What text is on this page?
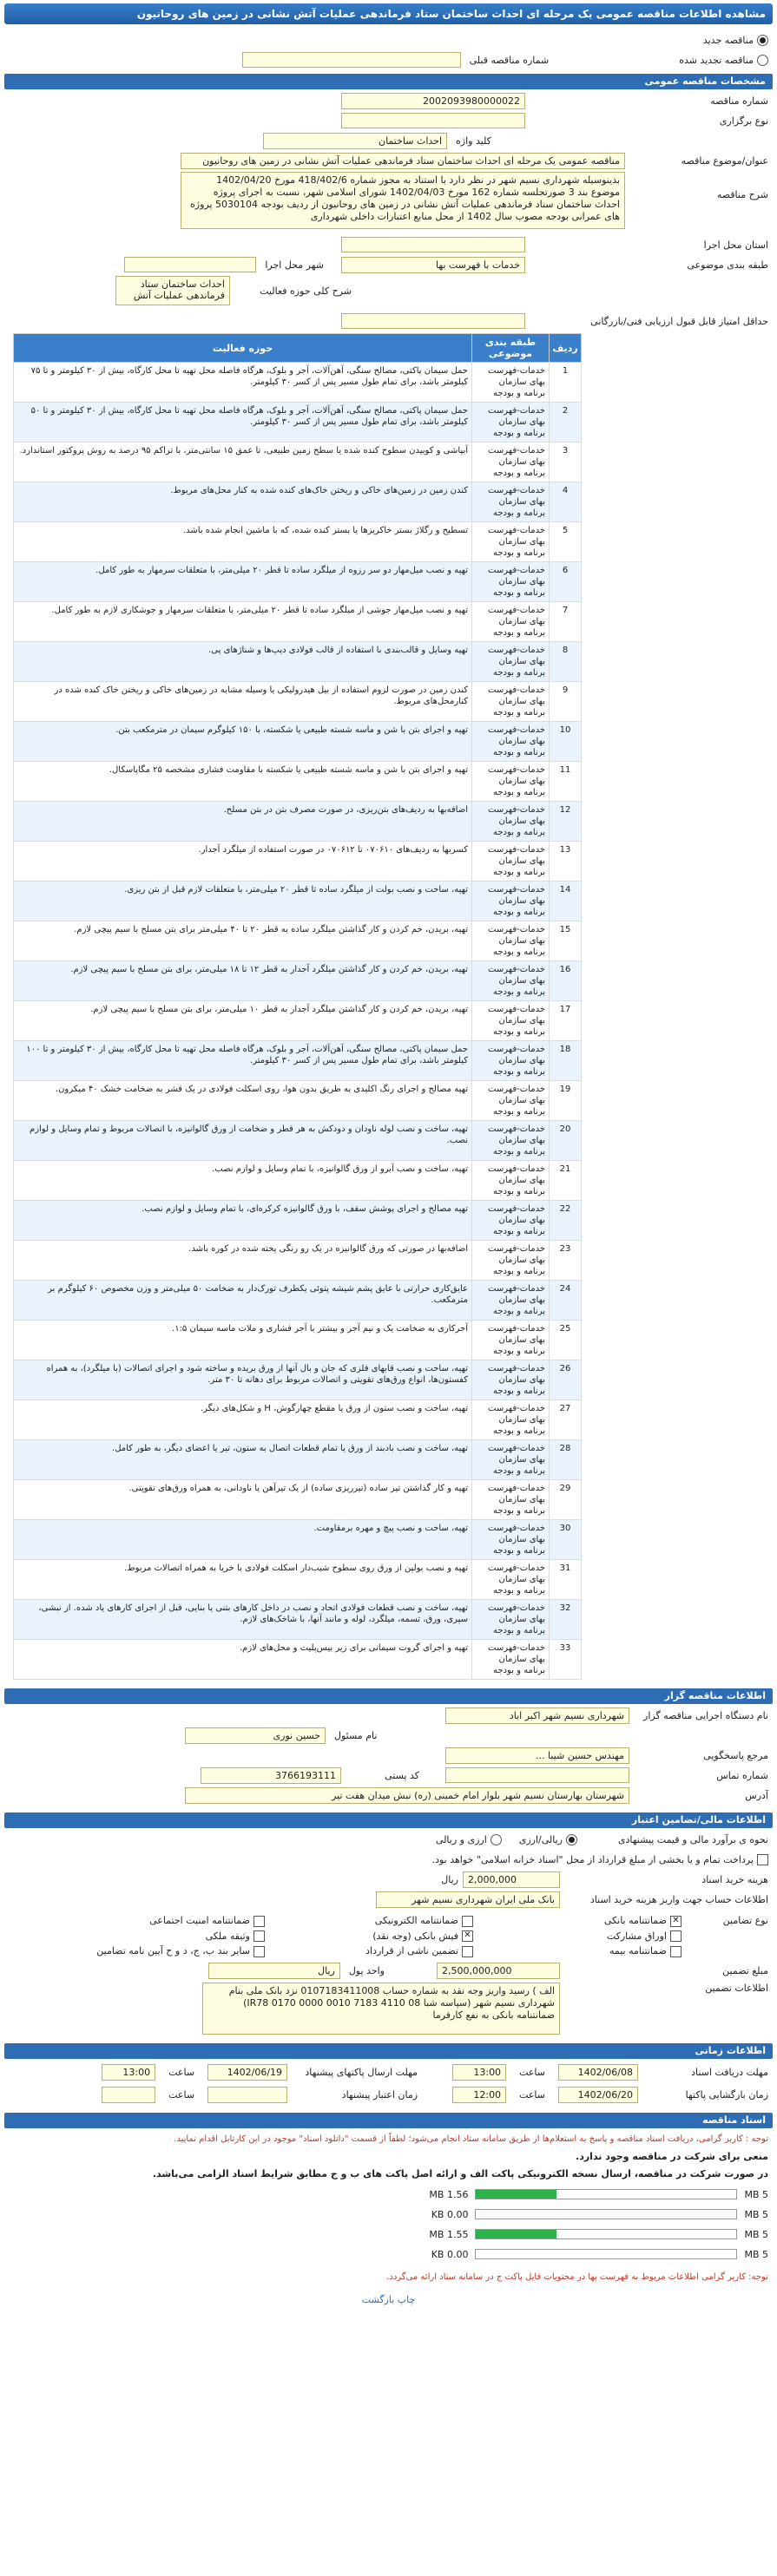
مشاهده اطلاعات مناقصه عمومی یک مرحله ای احداث ساختمان ستاد فرماندهی عملیات آتش نشانی در زمین های روحانیون
مناقصه جدید
مناقصه تجدید شده
شماره مناقصه قبلی
مشخصات مناقصه عمومی
شماره مناقصه
2002093980000022
نوع برگزاری
کلید واژه
احداث ساختمان
عنوان/موضوع مناقصه
مناقصه عمومی یک مرحله ای احداث ساختمان ستاد فرماندهی عملیات آتش نشانی در زمین های روحانیون
شرح مناقصه
بدینوسیله شهرداری نسیم شهر در نظر دارد با استناد به مجوز شماره 418/402/6 مورخ 1402/04/20 موضوع بند 3 صورتجلسه شماره 162 مورخ 1402/04/03 شورای اسلامی شهر، نسبت به اجرای پروژه احداث ساختمان ستاد فرماندهی عملیات آتش نشانی در زمین های روحانیون از ردیف بودجه 5030104 پروژه های عمرانی بودجه مصوب سال 1402 از محل منابع اعتبارات داخلی شهرداری
استان محل اجرا
طبقه بندی موضوعی
خدمات با فهرست بها
شهر محل اجرا
شرح کلی حوزه فعالیت
احداث ساختمان ستاد فرماندهی عملیات آتش
حداقل امتیاز قابل قبول ارزیابی فنی/بازرگانی
ردیف	طبقه بندی موضوعی	حوزه فعالیت
1	خدمات-فهرست بهای سازمان برنامه و بودجه	حمل سیمان پاکتی، مصالح سنگی، آهن‌آلات، آجر و بلوک، هرگاه فاصله محل تهیه تا محل کارگاه، بیش از ۳۰ کیلومتر و تا ۷۵ کیلومتر باشد، برای تمام طول مسیر پس از کسر ۳۰ کیلومتر.
2	خدمات-فهرست بهای سازمان برنامه و بودجه	حمل سیمان پاکتی، مصالح سنگی، آهن‌آلات، آجر و بلوک، هرگاه فاصله محل تهیه تا محل کارگاه، بیش از ۳۰ کیلومتر و تا ۵۰ کیلومتر باشد، برای تمام طول مسیر پس از کسر ۳۰ کیلومتر.
3	خدمات-فهرست بهای سازمان برنامه و بودجه	آبپاشی و کوبیدن سطوح کنده شده یا سطح زمین طبیعی، تا عمق ۱۵ سانتی‌متر، با تراکم ۹۵ درصد به روش پروکتور استاندارد.
4	خدمات-فهرست بهای سازمان برنامه و بودجه	کندن زمین در زمین‌های خاکی و ریختن خاک‌های کنده شده به کنار محل‌های مربوط.
5	خدمات-فهرست بهای سازمان برنامه و بودجه	تسطیح و رگلاژ بستر خاکریزها یا بستر کنده شده، که با ماشین انجام شده باشد.
6	خدمات-فهرست بهای سازمان برنامه و بودجه	تهیه و نصب میل‌مهار دو سر رزوه از میلگرد ساده تا قطر ۲۰ میلی‌متر، با متعلقات سرمهار به طور کامل.
7	خدمات-فهرست بهای سازمان برنامه و بودجه	تهیه و نصب میل‌مهار جوشی از میلگرد ساده تا قطر ۲۰ میلی‌متر، با متعلقات سرمهار و جوشکاری لازم به طور کامل.
8	خدمات-فهرست بهای سازمان برنامه و بودجه	تهیه وسایل و قالب‌بندی با استفاده از قالب فولادی دیپ‌ها و شناژهای پی.
9	خدمات-فهرست بهای سازمان برنامه و بودجه	کندن زمین در صورت لزوم استفاده از بیل هیدرولیکی یا وسیله مشابه در زمین‌های خاکی و ریختن خاک کنده شده در کنارمحل‌های مربوط.
10	خدمات-فهرست بهای سازمان برنامه و بودجه	تهیه و اجرای بتن با شن و ماسه شسته طبیعی یا شکسته، با ۱۵۰ کیلوگرم سیمان در مترمکعب بتن.
11	خدمات-فهرست بهای سازمان برنامه و بودجه	تهیه و اجرای بتن با شن و ماسه شسته طبیعی یا شکسته با مقاومت فشاری مشخصه ۲۵ مگاپاسکال.
12	خدمات-فهرست بهای سازمان برنامه و بودجه	اضافه‌بها به ردیف‌های بتن‌ریزی، در صورت مصرف بتن در بتن مسلح.
13	خدمات-فهرست بهای سازمان برنامه و بودجه	کسربها به ردیف‌های ۰۷۰۶۱۰ تا ۰۷۰۶۱۲ در صورت استفاده از میلگرد آجدار.
14	خدمات-فهرست بهای سازمان برنامه و بودجه	تهیه، ساخت و نصب بولت از میلگرد ساده تا قطر ۲۰ میلی‌متر، با متعلقات لازم قبل از بتن ریزی.
15	خدمات-فهرست بهای سازمان برنامه و بودجه	تهیه، بریدن، خم کردن و کار گذاشتن میلگرد ساده به قطر ۲۰ تا ۴۰ میلی‌متر برای بتن مسلح با سیم پیچی لازم.
16	خدمات-فهرست بهای سازمان برنامه و بودجه	تهیه، بریدن، خم کردن و کار گذاشتن میلگرد آجدار به قطر ۱۲ تا ۱۸ میلی‌متر، برای بتن مسلح با سیم پیچی لازم.
17	خدمات-فهرست بهای سازمان برنامه و بودجه	تهیه، بریدن، خم کردن و کار گذاشتن میلگرد آجدار به قطر ۱۰ میلی‌متر، برای بتن مسلح با سیم پیچی لازم.
18	خدمات-فهرست بهای سازمان برنامه و بودجه	حمل سیمان پاکتی، مصالح سنگی، آهن‌آلات، آجر و بلوک، هرگاه فاصله محل تهیه تا محل کارگاه، بیش از ۳۰ کیلومتر و تا ۱۰۰ کیلومتر باشد، برای تمام طول مسیر پس از کسر ۳۰ کیلومتر.
19	خدمات-فهرست بهای سازمان برنامه و بودجه	تهیه مصالح و اجرای رنگ اکلیدی به طریق بدون هوا، روی اسکلت فولادی در یک قشر به ضخامت خشک ۴۰ میکرون.
20	خدمات-فهرست بهای سازمان برنامه و بودجه	تهیه، ساخت و نصب لوله ناودان و دودکش به هر قطر و ضخامت از ورق گالوانیزه، با اتصالات مربوط و تمام وسایل و لوازم نصب.
21	خدمات-فهرست بهای سازمان برنامه و بودجه	تهیه، ساخت و نصب آبرو از ورق گالوانیزه، با تمام وسایل و لوازم نصب.
22	خدمات-فهرست بهای سازمان برنامه و بودجه	تهیه مصالح و اجرای پوشش سقف، با ورق گالوانیزه کرکره‌ای، با تمام وسایل و لوازم نصب.
23	خدمات-فهرست بهای سازمان برنامه و بودجه	اضافه‌بها در صورتی که ورق گالوانیزه در یک رو رنگی پخته شده در کوره باشد.
24	خدمات-فهرست بهای سازمان برنامه و بودجه	عایق‌کاری حرارتی با عایق پشم شیشه پتوئی یکطرف تورک‌دار به ضخامت ۵۰ میلی‌متر و وزن مخصوص ۶۰ کیلوگرم بر مترمکعب.
25	خدمات-فهرست بهای سازمان برنامه و بودجه	آجرکاری به ضخامت یک و نیم آجر و بیشتر با آجر فشاری و ملات ماسه سیمان ۱:۵.
26	خدمات-فهرست بهای سازمان برنامه و بودجه	تهیه، ساخت و نصب قابهای فلزی که جان و بال آنها از ورق بریده و ساخته شود و اجرای اتصالات (با میلگرد)، به همراه کفستون‌ها، انواع ورق‌های تقویتی و اتصالات مربوط برای دهانه تا ۳۰ متر.
27	خدمات-فهرست بهای سازمان برنامه و بودجه	تهیه، ساخت و نصب ستون از ورق یا مقطع چهارگوش، H و شکل‌های دیگر.
28	خدمات-فهرست بهای سازمان برنامه و بودجه	تهیه، ساخت و نصب بادبند از ورق یا تمام قطعات اتصال به ستون، تیر یا اعضای دیگر، به طور کامل.
29	خدمات-فهرست بهای سازمان برنامه و بودجه	تهیه و کار گذاشتن تیر ساده (تیرریزی ساده) از یک تیرآهن یا ناودانی، به همراه ورق‌های تقویتی.
30	خدمات-فهرست بهای سازمان برنامه و بودجه	تهیه، ساخت و نصب پیچ و مهره برمقاومت.
31	خدمات-فهرست بهای سازمان برنامه و بودجه	تهیه و نصب بولپن از ورق روی سطوح شیب‌دار اسکلت فولادی با خریا به همراه اتصالات مربوط.
32	خدمات-فهرست بهای سازمان برنامه و بودجه	تهیه، ساخت و نصب قطعات فولادی اتحاد و نصب در داخل کارهای بتنی یا بنایی، قبل از اجرای کارهای یاد شده. از نبشی، سپری، ورق، تسمه، میلگرد، لوله و مانند آنها، با شاخک‌های لازم.
33	خدمات-فهرست بهای سازمان برنامه و بودجه	تهیه و اجرای گروت سیمانی برای زیر بیس‌پلیت و محل‌های لازم.
اطلاعات مناقصه گزار
نام دستگاه اجرایی مناقصه گزار
شهرداری نسیم شهر اکبر اباد
نام مسئول
حسین نوری
مرجع پاسخگویی
مهندس حسین شیبا ...
شماره تماس
کد پستی
3766193111
آدرس
شهرستان بهارستان نسیم شهر بلوار امام خمینی (ره) نبش میدان هفت تیر
اطلاعات مالی/تضامین اعتبار
نحوه ی برآورد مالی و قیمت پیشنهادی
ریالی/ارزی
ارزی و ریالی
پرداخت تمام و یا بخشی از مبلغ قرارداد از محل "اسناد خزانه اسلامی" خواهد بود.
هزینه خرید اسناد
2,000,000
ریال
اطلاعات حساب جهت واریز هزینه خرید اسناد
بانک ملی ایران شهرداری نسیم شهر
نوع تضامین
✕ضمانتنامه بانکی
ضمانتنامه الکترونیکی
ضمانتنامه امنیت اجتماعی
اوراق مشارکت
✕فیش بانکی (وجه نقد)
وثیقه ملکی
ضمانتنامه بیمه
تضمین ناشی از قرارداد
سایر بند ب، ج، د و ح آیین نامه تضامین
مبلغ تضمین
2,500,000,000
واحد پول
ریال
اطلاعات تضمین
الف ) رسید واریز وجه نقد به شماره حساب 0107183411008 نزد بانک ملی بنام شهرداری نسیم شهر (سپاسه شبا IR78 0170 0000 0010 7183 4110 08) ضمانتنامه بانکی به نفع کارفرما
اطلاعات زمانی
مهلت دریافت اسناد
1402/06/08
ساعت
13:00
مهلت ارسال پاکتهای پیشنهاد
1402/06/19
ساعت
13:00
زمان بازگشایی پاکتها
1402/06/20
ساعت
12:00
زمان اعتبار پیشنهاد
ساعت
اسناد مناقصه
توجه : کاربر گرامی، دریافت اسناد مناقصه و پاسخ به استعلام‌ها از طریق سامانه ستاد انجام می‌شود؛ لطفاً از قسمت "دانلود اسناد" موجود در این کارتابل اقدام نمایید.
منعی برای شرکت در مناقصه وجود ندارد.
در صورت شرکت در مناقصه، ارسال نسخه الکترونیکی پاکت الف و ارائه اصل پاکت های ب و ج مطابق شرایط اسناد الزامی می‌باشد.
5 MB
1.56 MB
5 MB
0.00 KB
5 MB
1.55 MB
5 MB
0.00 KB
توجه: کاربر گرامی اطلاعات مربوط به فهرست بها در محتویات فایل پاکت ج در سامانه ستاد ارائه می‌گردد.
چاپ بازگشت
